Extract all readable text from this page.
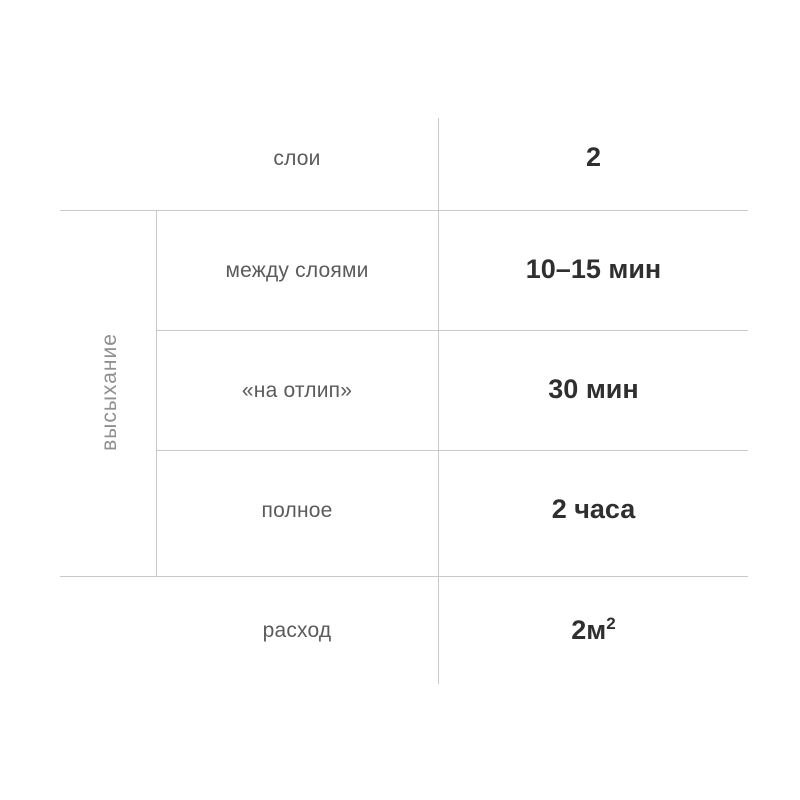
высыхание
слои	2
между слоями	10–15 мин
«на отлип»	30 мин
полное	2 часа
расход	$2м^2$
